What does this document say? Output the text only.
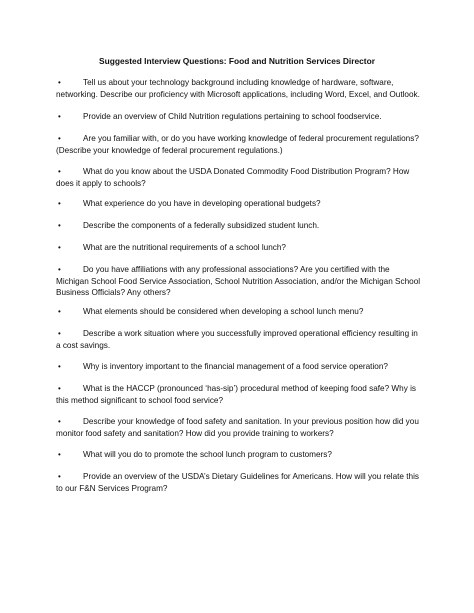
Suggested Interview Questions: Food and Nutrition Services Director
•	Tell us about your technology background including knowledge of hardware, software, networking. Describe our proficiency with Microsoft applications, including Word, Excel, and Outlook.

•	Provide an overview of Child Nutrition regulations pertaining to school foodservice.

•	Are you familiar with, or do you have working knowledge of federal procurement regulations? (Describe your knowledge of federal procurement regulations.)

•	What do you know about the USDA Donated Commodity Food Distribution Program? How does it apply to schools?

•	What experience do you have in developing operational budgets?

•	Describe the components of a federally subsidized student lunch.

•	What are the nutritional requirements of a school lunch?

•	Do you have affiliations with any professional associations? Are you certified with the Michigan School Food Service Association, School Nutrition Association, and/or the Michigan School Business Officials? Any others?

•	What elements should be considered when developing a school lunch menu?

•	Describe a work situation where you successfully improved operational efficiency resulting in a cost savings.

•	Why is inventory important to the financial management of a food service operation?

•	What is the HACCP (pronounced ‘has-sip’) procedural method of keeping food safe? Why is this method significant to school food service?

•	Describe your knowledge of food safety and sanitation. In your previous position how did you monitor food safety and sanitation? How did you provide training to workers?

•	What will you do to promote the school lunch program to customers?

•	Provide an overview of the USDA’s Dietary Guidelines for Americans. How will you relate this to our F&N Services Program?
